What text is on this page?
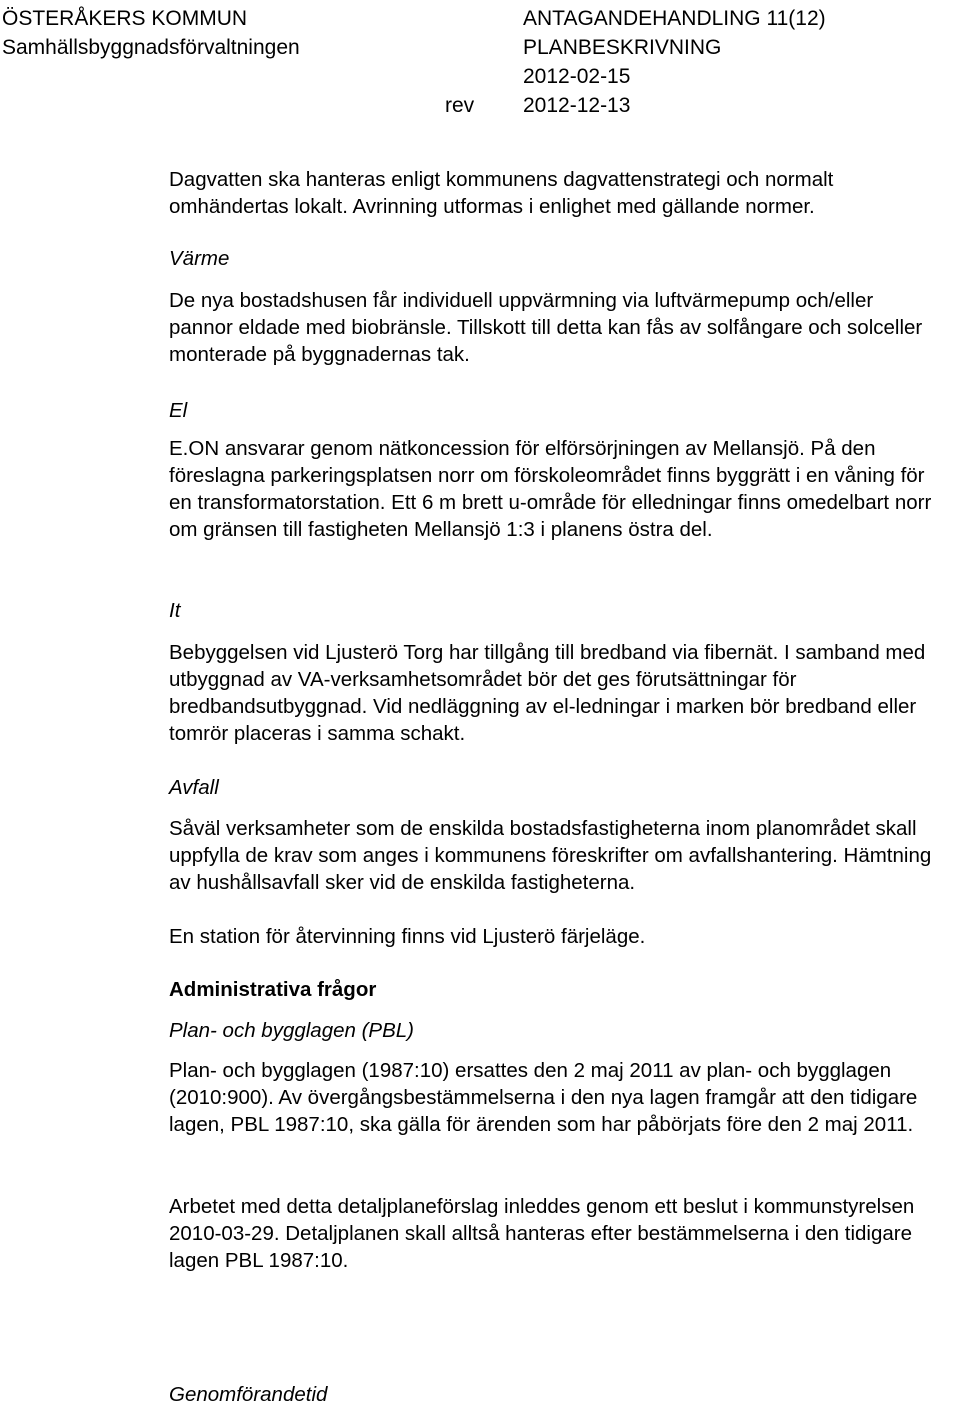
ÖSTERÅKERS KOMMUN
Samhällsbyggnadsförvaltningen
ANTAGANDEHANDLING 11(12)
PLANBESKRIVNING
2012-02-15
2012-12-13
rev

Dagvatten ska hanteras enligt kommunens dagvattenstrategi och normalt omhändertas lokalt. Avrinning utformas i enlighet med gällande normer.

Värme

De nya bostadshusen får individuell uppvärmning via luftvärmepump och/eller pannor eldade med biobränsle. Tillskott till detta kan fås av solfångare och solceller monterade på byggnadernas tak.

El

E.ON ansvarar genom nätkoncession för elförsörjningen av Mellansjö. På den föreslagna parkeringsplatsen norr om förskoleområdet finns byggrätt i en våning för en transformatorstation. Ett 6 m brett u-område för elledningar finns omedelbart norr om gränsen till fastigheten Mellansjö 1:3 i planens östra del.

It

Bebyggelsen vid Ljusterö Torg har tillgång till bredband via fibernät. I samband med utbyggnad av VA-verksamhetsområdet bör det ges förutsättningar för bredbandsutbyggnad. Vid nedläggning av el-ledningar i marken bör bredband eller tomrör placeras i samma schakt.

Avfall

Såväl verksamheter som de enskilda bostadsfastigheterna inom planområdet skall uppfylla de krav som anges i kommunens föreskrifter om avfallshantering. Hämtning av hushållsavfall sker vid de enskilda fastigheterna.

En station för återvinning finns vid Ljusterö färjeläge.

Administrativa frågor
Plan- och bygglagen (PBL)

Plan- och bygglagen (1987:10) ersattes den 2 maj 2011 av plan- och bygglagen (2010:900). Av övergångsbestämmelserna i den nya lagen framgår att den tidigare lagen, PBL 1987:10, ska gälla för ärenden som har påbörjats före den 2 maj 2011.

Arbetet med detta detaljplaneförslag inleddes genom ett beslut i kommunstyrelsen 2010-03-29. Detaljplanen skall alltså hanteras efter bestämmelserna i den tidigare lagen PBL 1987:10.

Genomförandetid
